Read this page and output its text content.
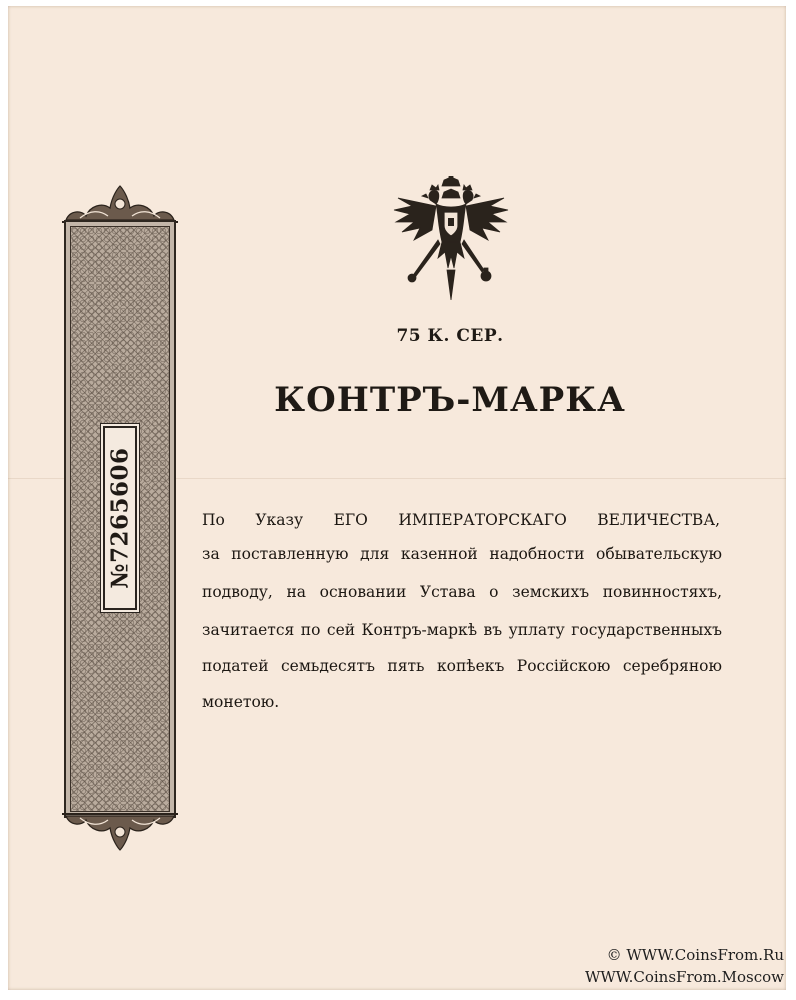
№7265606
75 К. СЕР.
КОНТРЪ-МАРКА
По Указу ЕГО ИМПЕРАТОРСКАГО ВЕЛИЧЕСТВА,
за поставленную для казенной надобности обывательскую
подводу, на основании Устава о земскихъ повинностяхъ,
зачитается по сей Контръ-маркѣ въ уплату государственныхъ
податей семьдесятъ пять копѣекъ Россійскою серебряною
монетою.
© WWW.CoinsFrom.Ru
WWW.CoinsFrom.Moscow
